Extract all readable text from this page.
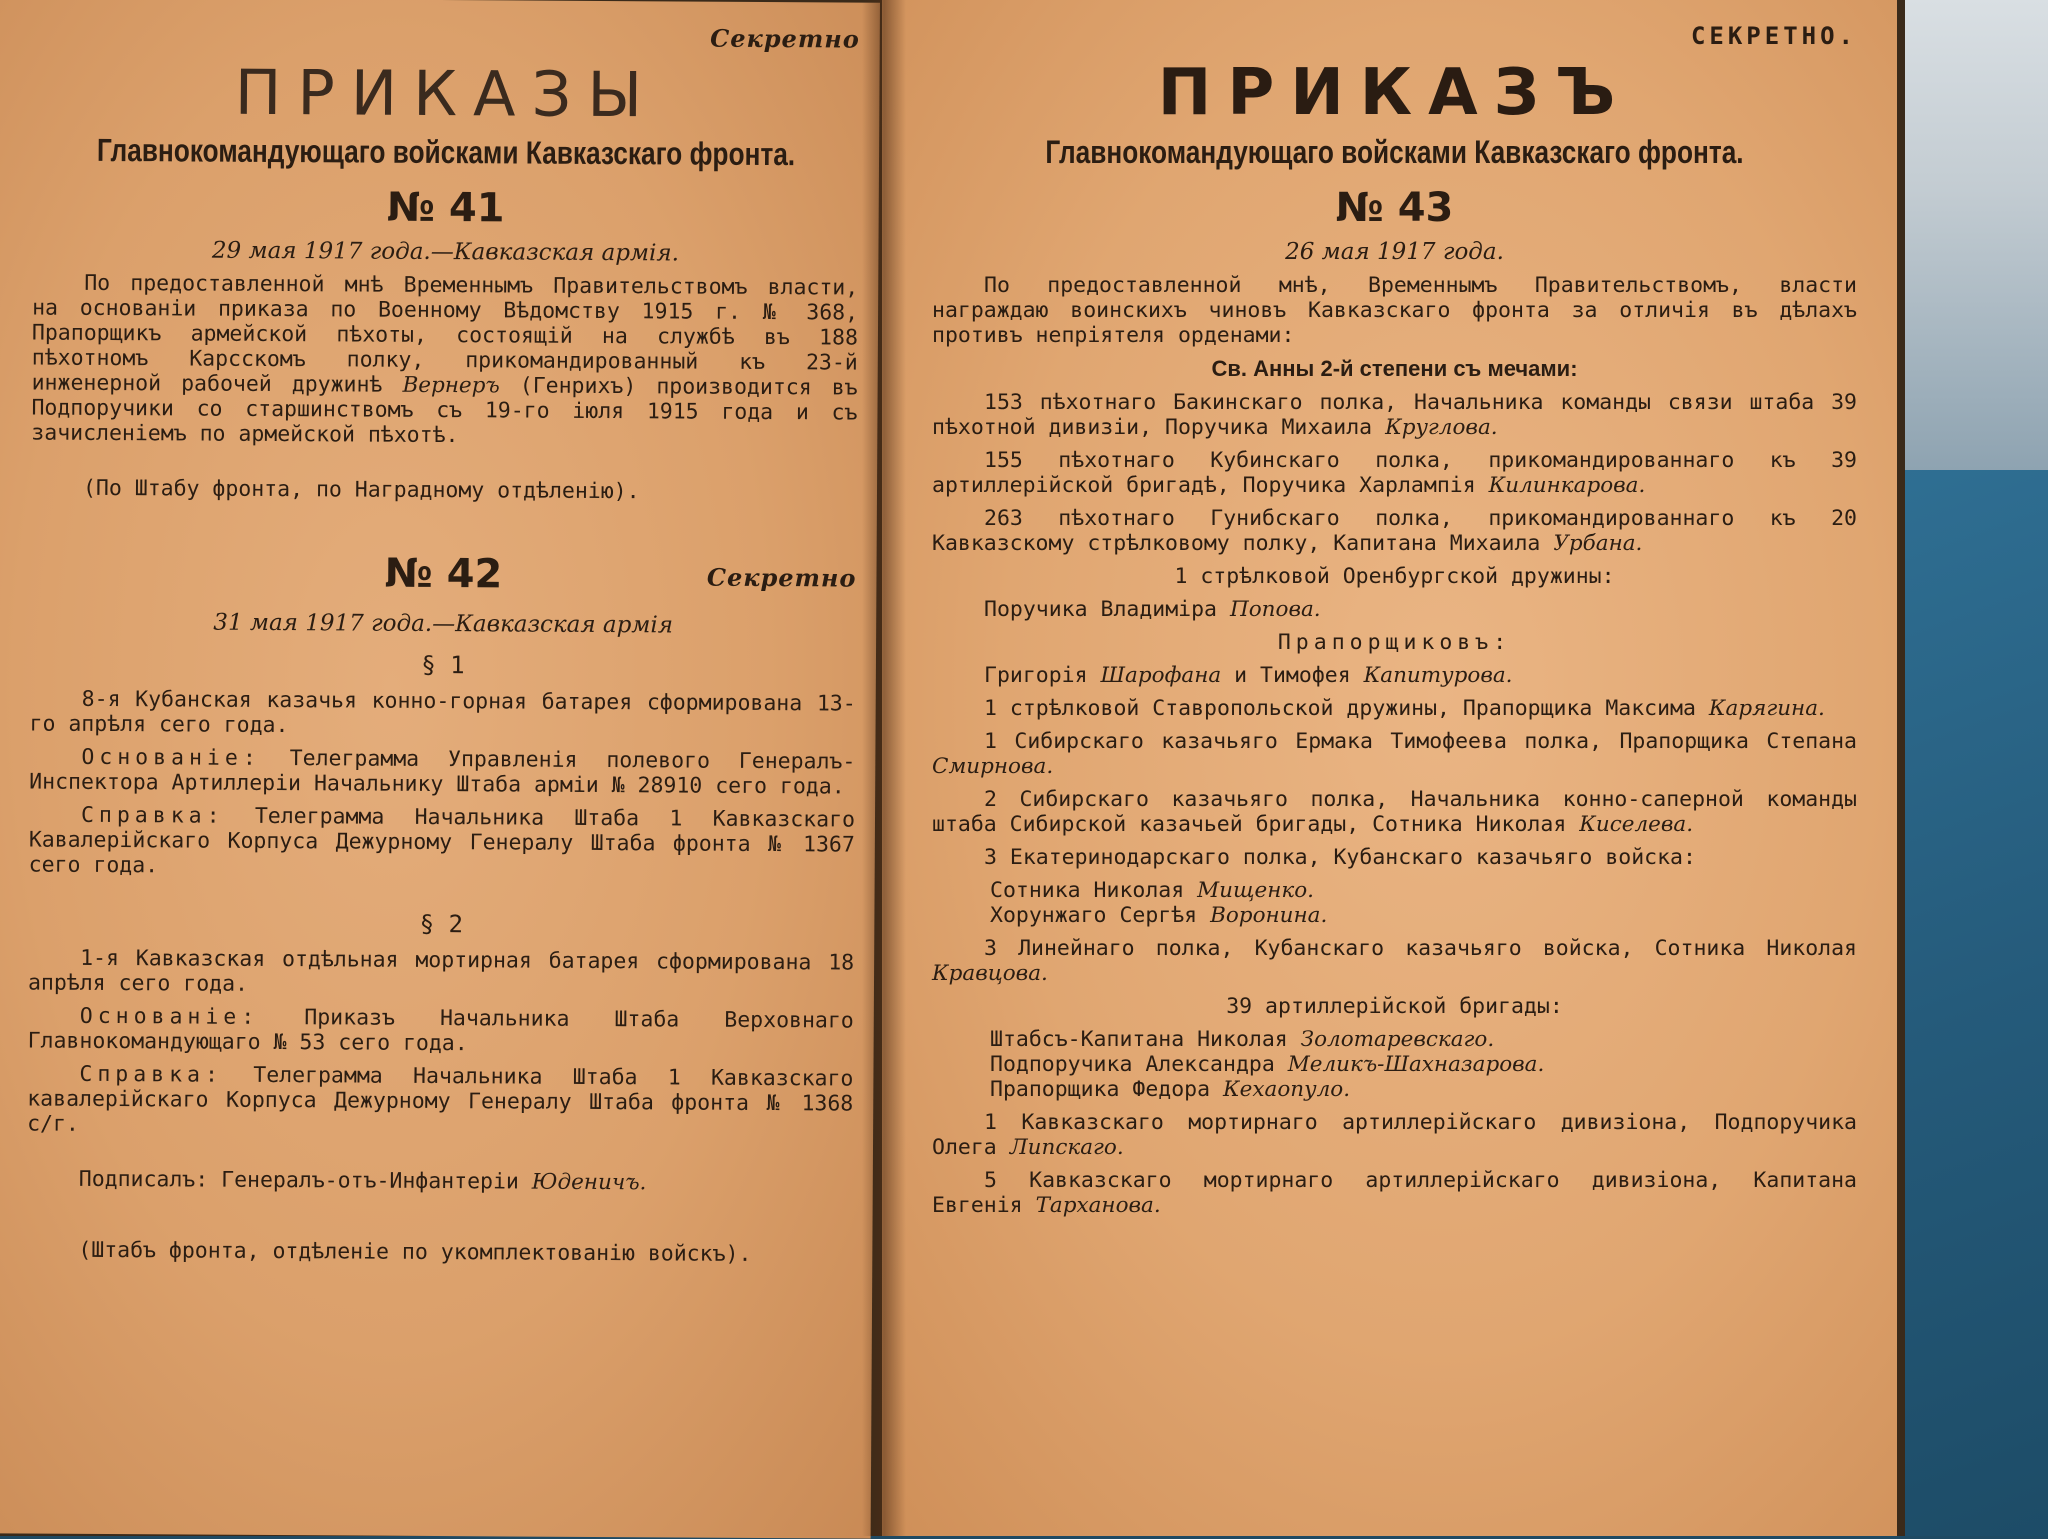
Секретно
ПРИКАЗЫ
Главнокомандующаго войсками Кавказскаго фронта.
№ 41
29 мая 1917 года.—Кавказская армія.

По предоставленной мнѣ Временнымъ Правительствомъ власти, на основаніи приказа по Военному Вѣдомству 1915 г. № 368, Прапорщикъ армейской пѣхоты, состоящій на службѣ въ 188 пѣхотномъ Карсскомъ полку, прикомандированный къ 23-й инженерной рабочей дружинѣ Вернеръ (Генрихъ) производится въ Подпоручики со старшинствомъ съ 19-го іюля 1915 года и съ зачисленіемъ по армейской пѣхотѣ.

(По Штабу фронта, по Наградному отдѣленію).

№ 42	Секретно
31 мая 1917 года.—Кавказская армія
§ 1

8-я Кубанская казачья конно-горная батарея сформирована 13-го апрѣля сего года.

Основаніе: Телеграмма Управленія полевого Генералъ-Инспектора Артиллеріи Начальнику Штаба арміи № 28910 сего года.

Справка: Телеграмма Начальника Штаба 1 Кавказскаго Кавалерійскаго Корпуса Дежурному Генералу Штаба фронта № 1367 сего года.

§ 2

1-я Кавказская отдѣльная мортирная батарея сформирована 18 апрѣля сего года.

Основаніе: Приказъ Начальника Штаба Верховнаго Главнокомандующаго № 53 сего года.

Справка: Телеграмма Начальника Штаба 1 Кавказскаго кавалерійскаго Корпуса Дежурному Генералу Штаба фронта № 1368 с/г.

Подписалъ: Генералъ-отъ-Инфантеріи Юденичъ.

(Штабъ фронта, отдѣленіе по укомплектованію войскъ).

СЕКРЕТНО.
ПРИКАЗЪ
Главнокомандующаго войсками Кавказскаго фронта.
№ 43
26 мая 1917 года.

По предоставленной мнѣ, Временнымъ Правительствомъ, власти награждаю воинскихъ чиновъ Кавказскаго фронта за отличія въ дѣлахъ противъ непріятеля орденами:

Св. Анны 2-й степени съ мечами:

153 пѣхотнаго Бакинскаго полка, Начальника команды связи штаба 39 пѣхотной дивизіи, Поручика Михаила Круглова.

155 пѣхотнаго Кубинскаго полка, прикомандированнаго къ 39 артиллерійской бригадѣ, Поручика Харлампія Килинкарова.

263 пѣхотнаго Гунибскаго полка, прикомандированнаго къ 20 Кавказскому стрѣлковому полку, Капитана Михаила Урбана.

1 стрѣлковой Оренбургской дружины:

Поручика Владиміра Попова.

Прапорщиковъ:

Григорія Шарофана и Тимофея Капитурова.

1 стрѣлковой Ставропольской дружины, Прапорщика Максима Карягина.

1 Сибирскаго казачьяго Ермака Тимофеева полка, Прапорщика Степана Смирнова.

2 Сибирскаго казачьяго полка, Начальника конно-саперной команды штаба Сибирской казачьей бригады, Сотника Николая Киселева.

3 Екатеринодарскаго полка, Кубанскаго казачьяго войска:

Сотника Николая Мищенко.
Хорунжаго Сергѣя Воронина.

3 Линейнаго полка, Кубанскаго казачьяго войска, Сотника Николая Кравцова.

39 артиллерійской бригады:

Штабсъ-Капитана Николая Золотаревскаго.
Подпоручика Александра Меликъ-Шахназарова.
Прапорщика Федора Кехаопуло.

1 Кавказскаго мортирнаго артиллерійскаго дивизіона, Подпоручика Олега Липскаго.

5 Кавказскаго мортирнаго артиллерійскаго дивизіона, Капитана Евгенія Тарханова.
